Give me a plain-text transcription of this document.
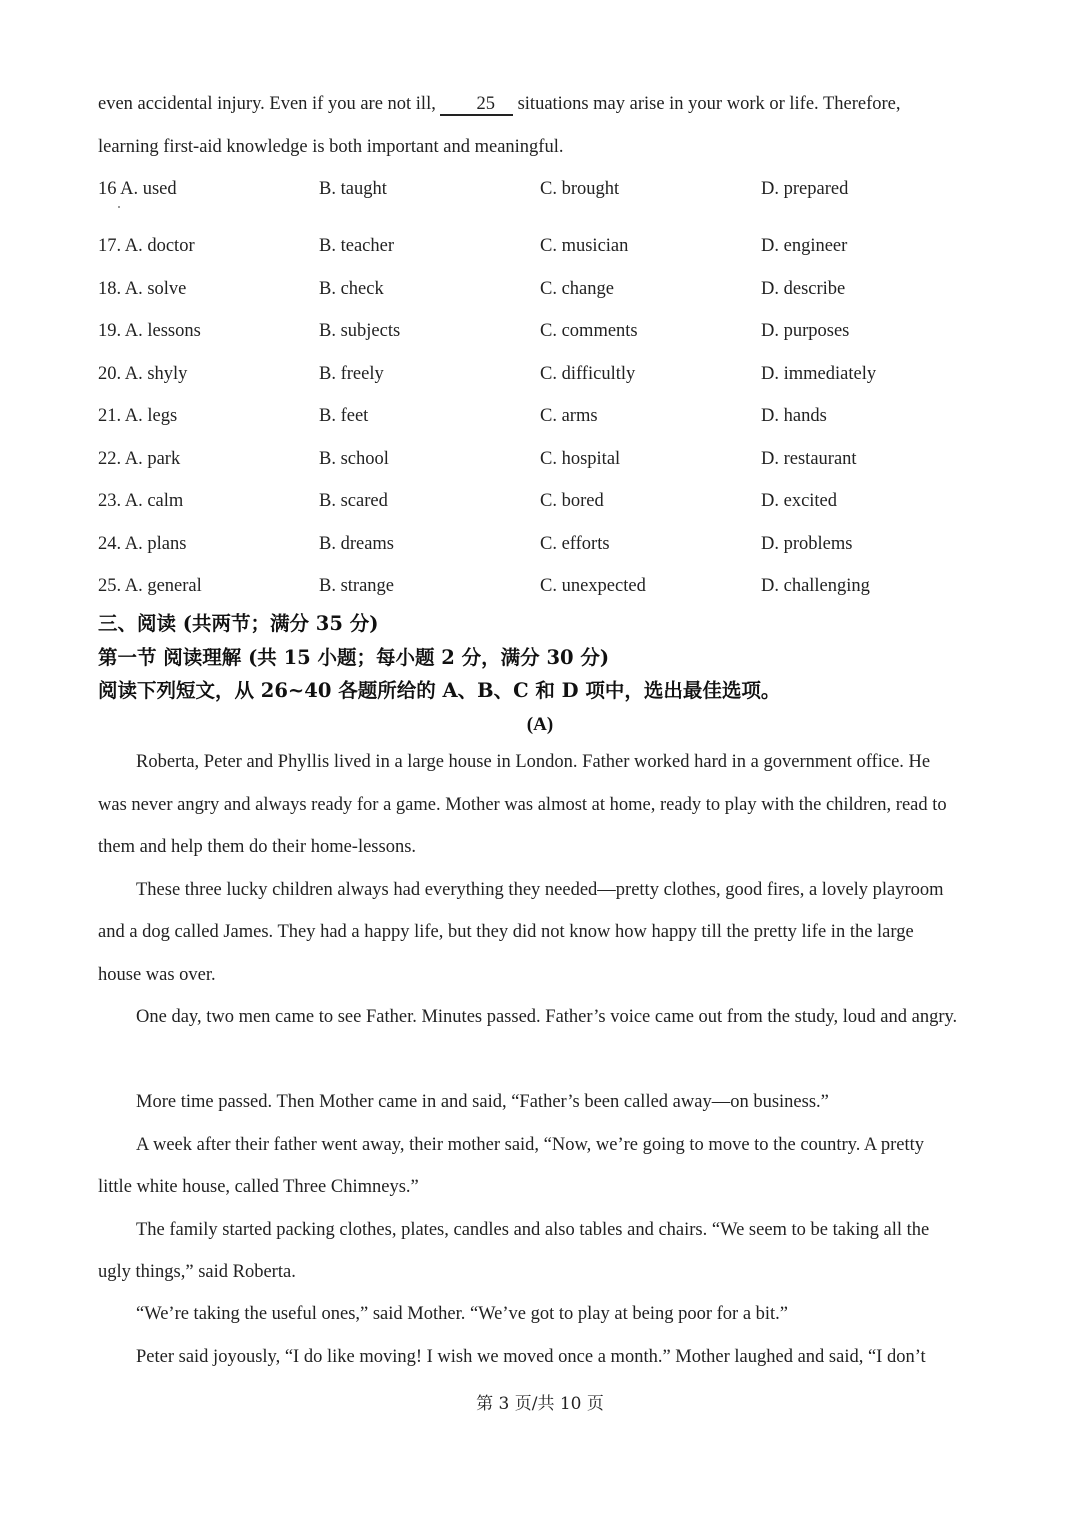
even accidental injury. Even if you are not ill, 25 situations may arise in your work or life. Therefore,
learning first-aid knowledge is both important and meaningful.
16 A. used	B. taught	C. brought	D. prepared
17. A. doctor	B. teacher	C. musician	D. engineer
18. A. solve	B. check	C. change	D. describe
19. A. lessons	B. subjects	C. comments	D. purposes
20. A. shyly	B. freely	C. difficultly	D. immediately
21. A. legs	B. feet	C. arms	D. hands
22. A. park	B. school	C. hospital	D. restaurant
23. A. calm	B. scared	C. bored	D. excited
24. A. plans	B. dreams	C. efforts	D. problems
25. A. general	B. strange	C. unexpected	D. challenging
三、阅读 (共两节；满分 35 分)
第一节 阅读理解 (共 15 小题；每小题 2 分，满分 30 分)
阅读下列短文，从 26~40 各题所给的 A、B、C 和 D 项中，选出最佳选项。
(A)
Roberta, Peter and Phyllis lived in a large house in London. Father worked hard in a government office. He
was never angry and always ready for a game. Mother was almost at home, ready to play with the children, read to
them and help them do their home-lessons.
These three lucky children always had everything they needed—pretty clothes, good fires, a lovely playroom
and a dog called James. They had a happy life, but they did not know how happy till the pretty life in the large
house was over.
One day, two men came to see Father. Minutes passed. Father’s voice came out from the study, loud and angry.
More time passed. Then Mother came in and said, “Father’s been called away—on business.”
A week after their father went away, their mother said, “Now, we’re going to move to the country. A pretty
little white house, called Three Chimneys.”
The family started packing clothes, plates, candles and also tables and chairs. “We seem to be taking all the
ugly things,” said Roberta.
“We’re taking the useful ones,” said Mother. “We’ve got to play at being poor for a bit.”
Peter said joyously, “I do like moving! I wish we moved once a month.” Mother laughed and said, “I don’t
第 3 页/共 10 页
